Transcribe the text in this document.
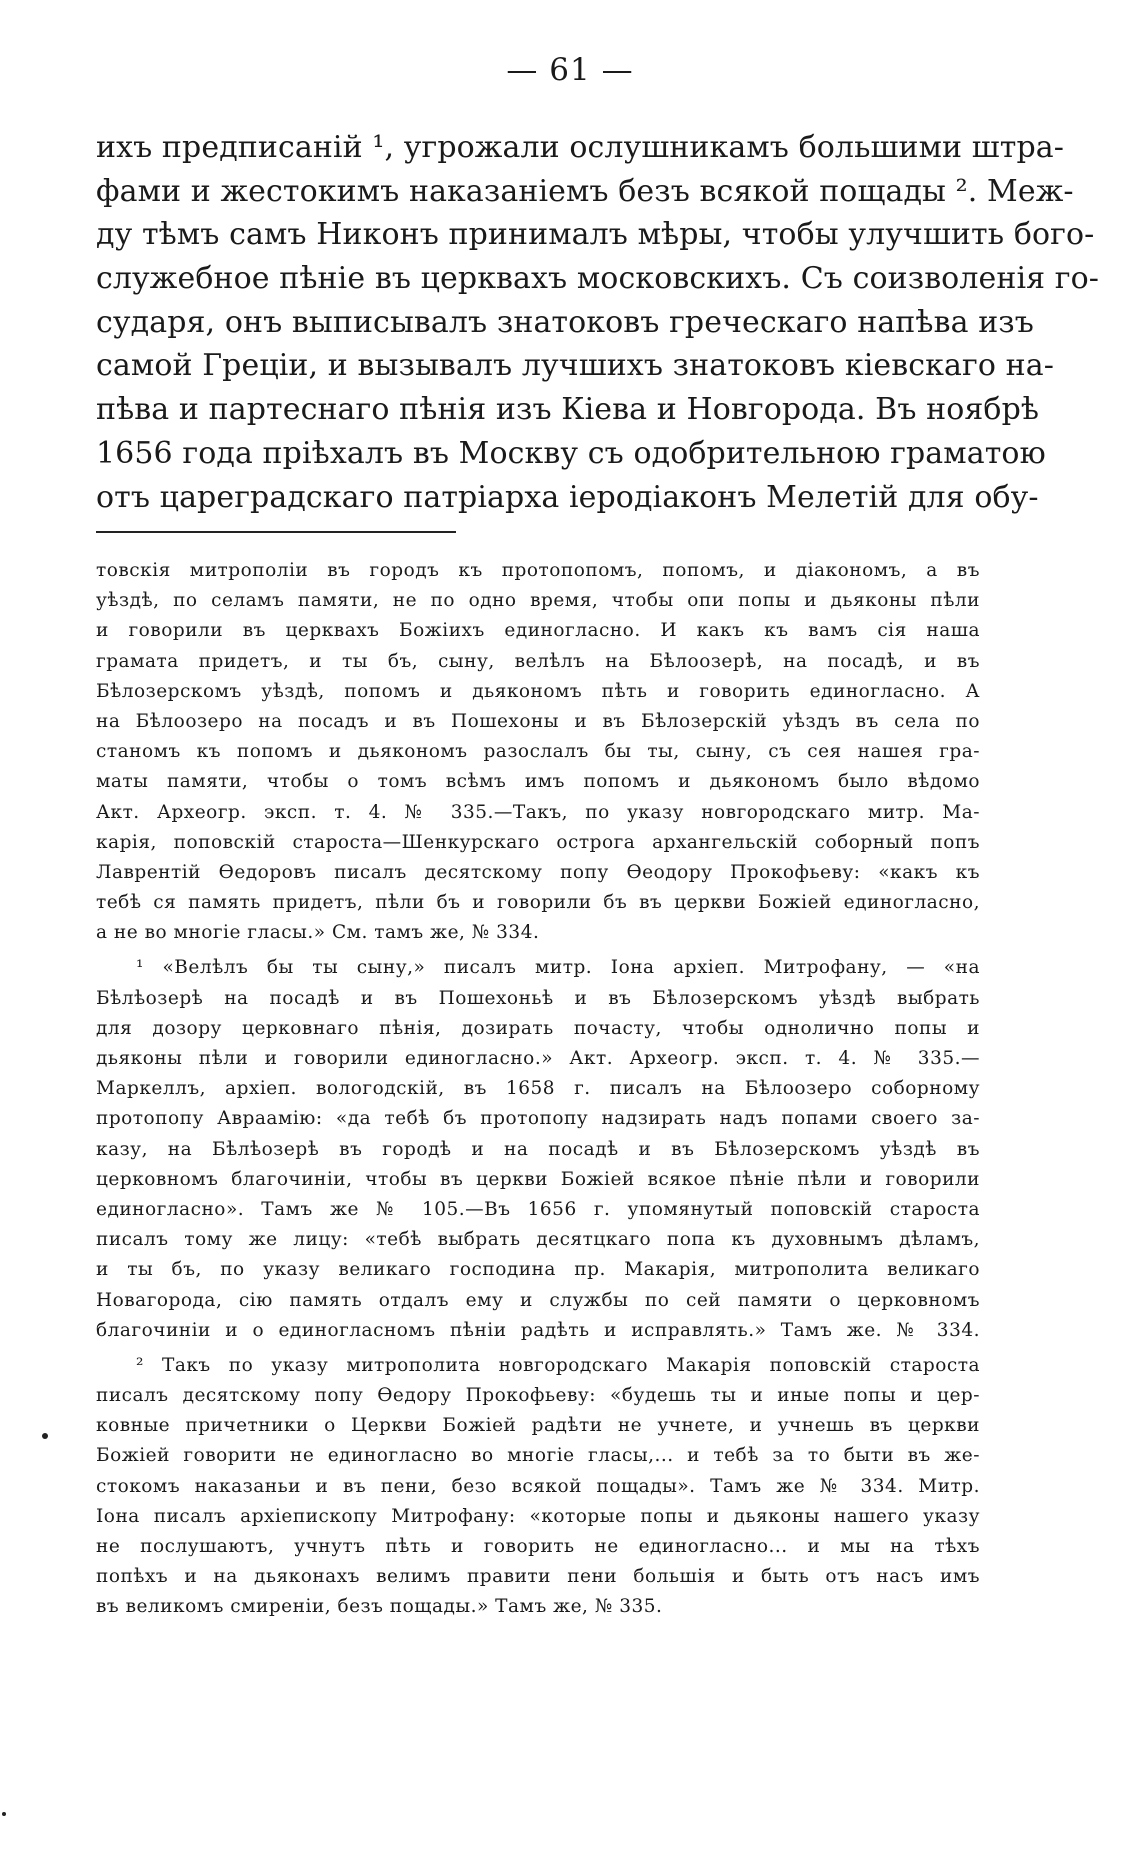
— 61 —
ихъ предписаній ¹, угрожали ослушникамъ большими штра-
фами и жестокимъ наказаніемъ безъ всякой пощады ². Меж-
ду тѣмъ самъ Никонъ принималъ мѣры, чтобы улучшить бого-
служебное пѣніе въ церквахъ московскихъ. Съ соизволенія го-
сударя, онъ выписывалъ знатоковъ греческаго напѣва изъ
самой Греціи, и вызывалъ лучшихъ знатоковъ кіевскаго на-
пѣва и партеснаго пѣнія изъ Кіева и Новгорода. Въ ноябрѣ
1656 года пріѣхалъ въ Москву съ одобрительною граматою
отъ цареградскаго патріарха іеродіаконъ Мелетій для обу-
товскія митрополіи въ городъ къ протопопомъ, попомъ, и діакономъ, а въ
уѣздѣ, по селамъ памяти, не по одно время, чтобы опи попы и дьяконы пѣли
и говорили въ церквахъ Божіихъ единогласно. И какъ къ вамъ сія наша
грамата придетъ, и ты бъ, сыну, велѣлъ на Бѣлоозерѣ, на посадѣ, и въ
Бѣлозерскомъ уѣздѣ, попомъ и дьякономъ пѣть и говорить единогласно. А
на Бѣлоозеро на посадъ и въ Пошехоны и въ Бѣлозерскій уѣздъ въ села по
станомъ къ попомъ и дьякономъ разослалъ бы ты, сыну, съ сея нашея гра-
маты памяти, чтобы о томъ всѣмъ имъ попомъ и дьякономъ было вѣдомо
Акт. Археогр. эксп. т. 4. № 335.—Такъ, по указу новгородскаго митр. Ма-
карія, поповскій староста—Шенкурскаго острога архангельскій соборный попъ
Лаврентій Өедоровъ писалъ десятскому попу Өеодору Прокофьеву: «какъ къ
тебѣ ся память придетъ, пѣли бъ и говорили бъ въ церкви Божіей единогласно,
а не во многіе гласы.» См. тамъ же, № 334.
¹ «Велѣлъ бы ты сыну,» писалъ митр. Іона архіеп. Митрофану, — «на
Бѣлѣозерѣ на посадѣ и въ Пошехоньѣ и въ Бѣлозерскомъ уѣздѣ выбрать
для дозору церковнаго пѣнія, дозирать почасту, чтобы однолично попы и
дьяконы пѣли и говорили единогласно.» Акт. Археогр. эксп. т. 4. № 335.—
Маркеллъ, архіеп. вологодскій, въ 1658 г. писалъ на Бѣлоозеро соборному
протопопу Авраамію: «да тебѣ бъ протопопу надзирать надъ попами своего за-
казу, на Бѣлѣозерѣ въ городѣ и на посадѣ и въ Бѣлозерскомъ уѣздѣ въ
церковномъ благочиніи, чтобы въ церкви Божіей всякое пѣніе пѣли и говорили
единогласно». Тамъ же № 105.—Въ 1656 г. упомянутый поповскій староста
писалъ тому же лицу: «тебѣ выбрать десятцкаго попа къ духовнымъ дѣламъ,
и ты бъ, по указу великаго господина пр. Макарія, митрополита великаго
Новагорода, сію память отдалъ ему и службы по сей памяти о церковномъ
благочиніи и о единогласномъ пѣніи радѣть и исправлять.» Тамъ же. № 334.
² Такъ по указу митрополита новгородскаго Макарія поповскій староста
писалъ десятскому попу Өедору Прокофьеву: «будешь ты и иные попы и цер-
ковные причетники о Церкви Божіей радѣти не учнете, и учнешь въ церкви
Божіей говорити не единогласно во многіе гласы,... и тебѣ за то быти въ же-
стокомъ наказаньи и въ пени, безо всякой пощады». Тамъ же № 334. Митр.
Іона писалъ архіепископу Митрофану: «которые попы и дьяконы нашего указу
не послушаютъ, учнутъ пѣть и говорить не единогласно... и мы на тѣхъ
попѣхъ и на дьяконахъ велимъ правити пени большія и быть отъ насъ имъ
въ великомъ смиреніи, безъ пощады.» Тамъ же, № 335.
